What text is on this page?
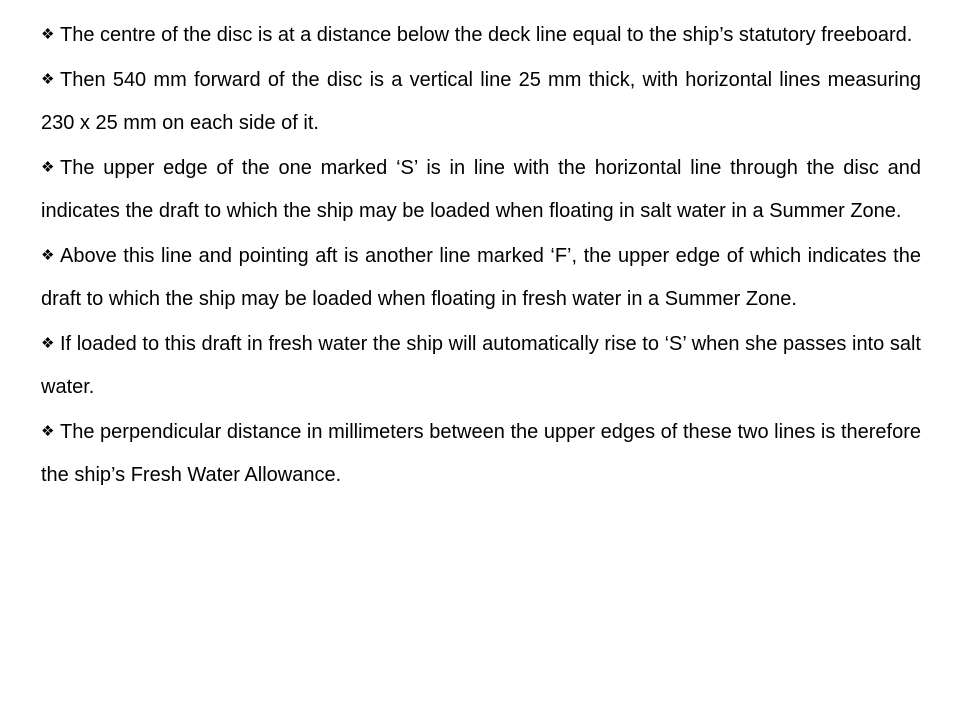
❖ The centre of the disc is at a distance below the deck line equal to the ship’s statutory freeboard.
❖ Then 540 mm forward of the disc is a vertical line 25 mm thick, with horizontal lines measuring 230 x 25 mm on each side of it.
❖ The upper edge of the one marked ‘S’ is in line with the horizontal line through the disc and indicates the draft to which the ship may be loaded when floating in salt water in a Summer Zone.
❖ Above this line and pointing aft is another line marked ‘F’, the upper edge of which indicates the draft to which the ship may be loaded when floating in fresh water in a Summer Zone.
❖ If loaded to this draft in fresh water the ship will automatically rise to ‘S’ when she passes into salt water.
❖ The perpendicular distance in millimeters between the upper edges of these two lines is therefore the ship’s Fresh Water Allowance.
